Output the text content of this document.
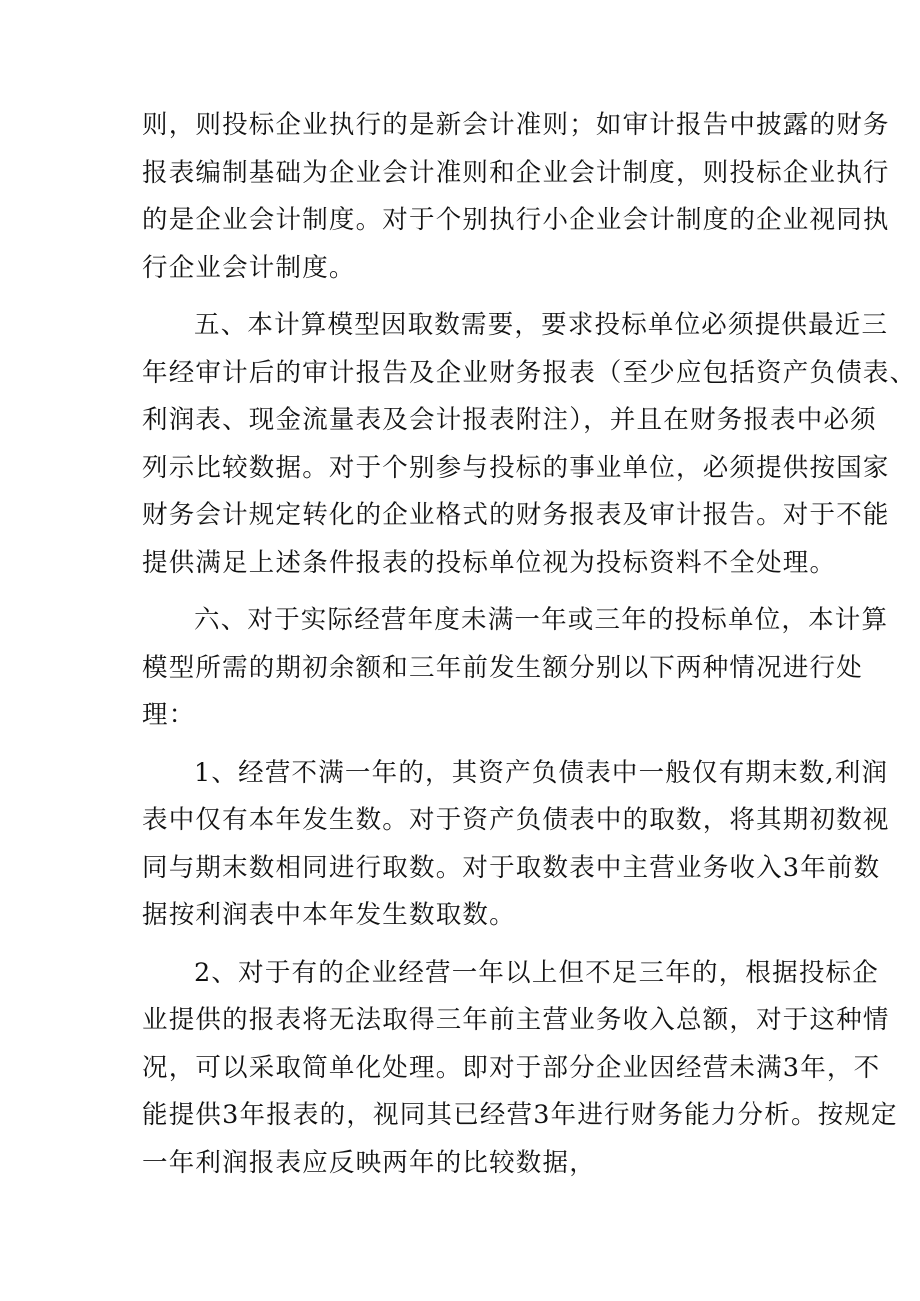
则，则投标企业执行的是新会计准则；如审计报告中披露的财务
报表编制基础为企业会计准则和企业会计制度，则投标企业执行
的是企业会计制度。对于个别执行小企业会计制度的企业视同执
行企业会计制度。
五、本计算模型因取数需要，要求投标单位必须提供最近三
年经审计后的审计报告及企业财务报表（至少应包括资产负债表、
利润表、现金流量表及会计报表附注），并且在财务报表中必须
列示比较数据。对于个别参与投标的事业单位，必须提供按国家
财务会计规定转化的企业格式的财务报表及审计报告。对于不能
提供满足上述条件报表的投标单位视为投标资料不全处理。
六、对于实际经营年度未满一年或三年的投标单位，本计算
模型所需的期初余额和三年前发生额分别以下两种情况进行处
理：
1、经营不满一年的，其资产负债表中一般仅有期末数,利润
表中仅有本年发生数。对于资产负债表中的取数，将其期初数视
同与期末数相同进行取数。对于取数表中主营业务收入3年前数
据按利润表中本年发生数取数。
2、对于有的企业经营一年以上但不足三年的，根据投标企
业提供的报表将无法取得三年前主营业务收入总额，对于这种情
况，可以采取简单化处理。即对于部分企业因经营未满3年，不
能提供3年报表的，视同其已经营3年进行财务能力分析。按规定
一年利润报表应反映两年的比较数据，
